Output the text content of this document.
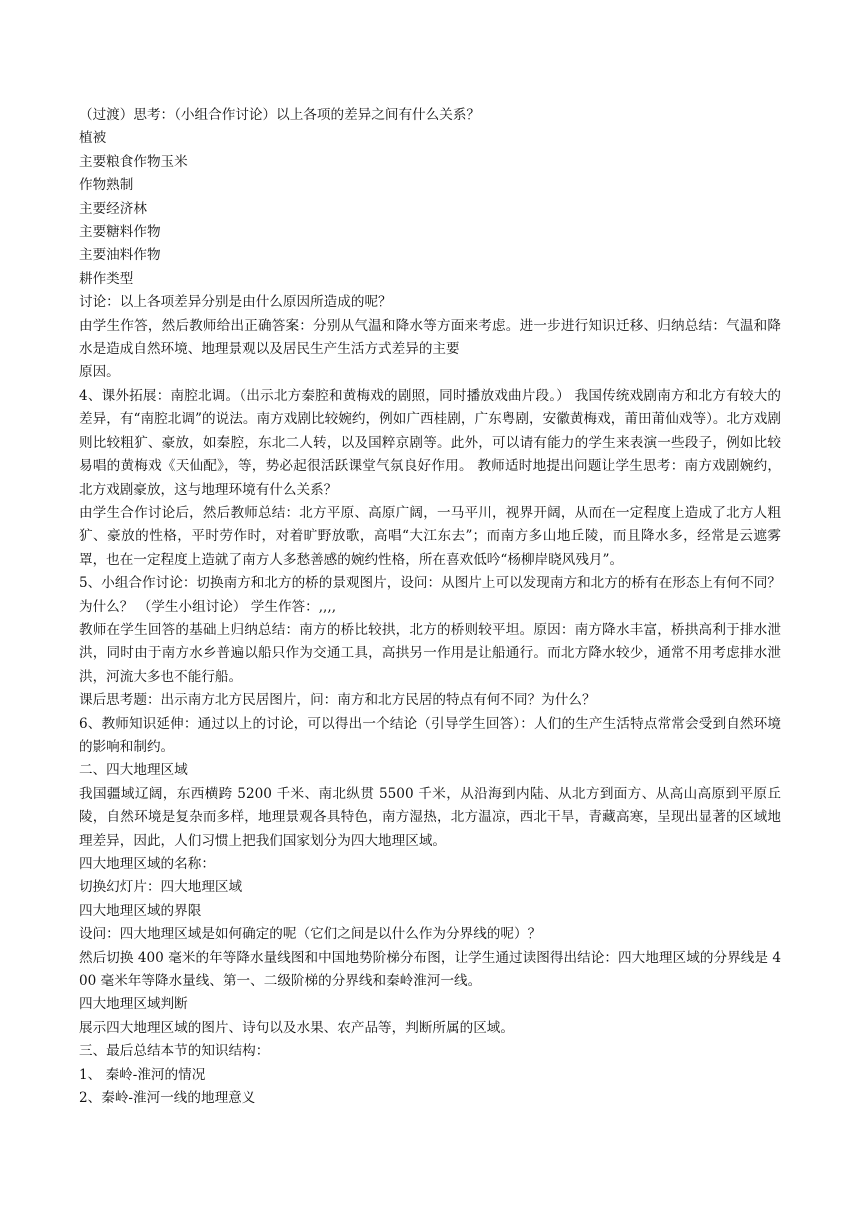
（过渡）思考：（小组合作讨论）以上各项的差异之间有什么关系？

植被

主要粮食作物玉米

作物熟制

主要经济林

主要糖料作物

主要油料作物

耕作类型

讨论：以上各项差异分别是由什么原因所造成的呢？

由学生作答，然后教师给出正确答案：分别从气温和降水等方面来考虑。进一步进行知识迁移、归纳总结：气温和降水是造成自然环境、地理景观以及居民生产生活方式差异的主要

原因。

4、课外拓展：南腔北调。（出示北方秦腔和黄梅戏的剧照，同时播放戏曲片段。） 我国传统戏剧南方和北方有较大的差异，有“南腔北调”的说法。南方戏剧比较婉约，例如广西桂剧，广东粤剧，安徽黄梅戏，莆田莆仙戏等）。北方戏剧则比较粗犷、豪放，如秦腔，东北二人转，以及国粹京剧等。此外，可以请有能力的学生来表演一些段子，例如比较易唱的黄梅戏《天仙配》，等，势必起很活跃课堂气氛良好作用。 教师适时地提出问题让学生思考：南方戏剧婉约，北方戏剧豪放，这与地理环境有什么关系？

由学生合作讨论后，然后教师总结：北方平原、高原广阔，一马平川，视界开阔，从而在一定程度上造成了北方人粗犷、豪放的性格，平时劳作时，对着旷野放歌，高唱“大江东去”；而南方多山地丘陵，而且降水多，经常是云遮雾罩，也在一定程度上造就了南方人多愁善感的婉约性格，所在喜欢低吟“杨柳岸晓风残月”。

5、小组合作讨论：切换南方和北方的桥的景观图片，设问：从图片上可以发现南方和北方的桥有在形态上有何不同？为什么？ （学生小组讨论） 学生作答：,,,,

教师在学生回答的基础上归纳总结：南方的桥比较拱，北方的桥则较平坦。原因：南方降水丰富，桥拱高利于排水泄洪，同时由于南方水乡普遍以船只作为交通工具，高拱另一作用是让船通行。而北方降水较少，通常不用考虑排水泄洪，河流大多也不能行船。

课后思考题：出示南方北方民居图片，问：南方和北方民居的特点有何不同？为什么？

6、教师知识延伸：通过以上的讨论，可以得出一个结论（引导学生回答）：人们的生产生活特点常常会受到自然环境的影响和制约。

二、四大地理区域

我国疆域辽阔，东西横跨 5200 千米、南北纵贯 5500 千米，从沿海到内陆、从北方到面方、从高山高原到平原丘陵，自然环境是复杂而多样，地理景观各具特色，南方湿热，北方温凉，西北干旱，青藏高寒，呈现出显著的区域地理差异，因此，人们习惯上把我们国家划分为四大地理区域。

四大地理区域的名称：

切换幻灯片：四大地理区域

四大地理区域的界限

设问：四大地理区域是如何确定的呢（它们之间是以什么作为分界线的呢）？

然后切换 400 毫米的年等降水量线图和中国地势阶梯分布图，让学生通过读图得出结论：四大地理区域的分界线是 400 毫米年等降水量线、第一、二级阶梯的分界线和秦岭淮河一线。

四大地理区域判断

展示四大地理区域的图片、诗句以及水果、农产品等，判断所属的区域。

三、最后总结本节的知识结构：

1、 秦岭-淮河的情况

2、秦岭-淮河一线的地理意义
